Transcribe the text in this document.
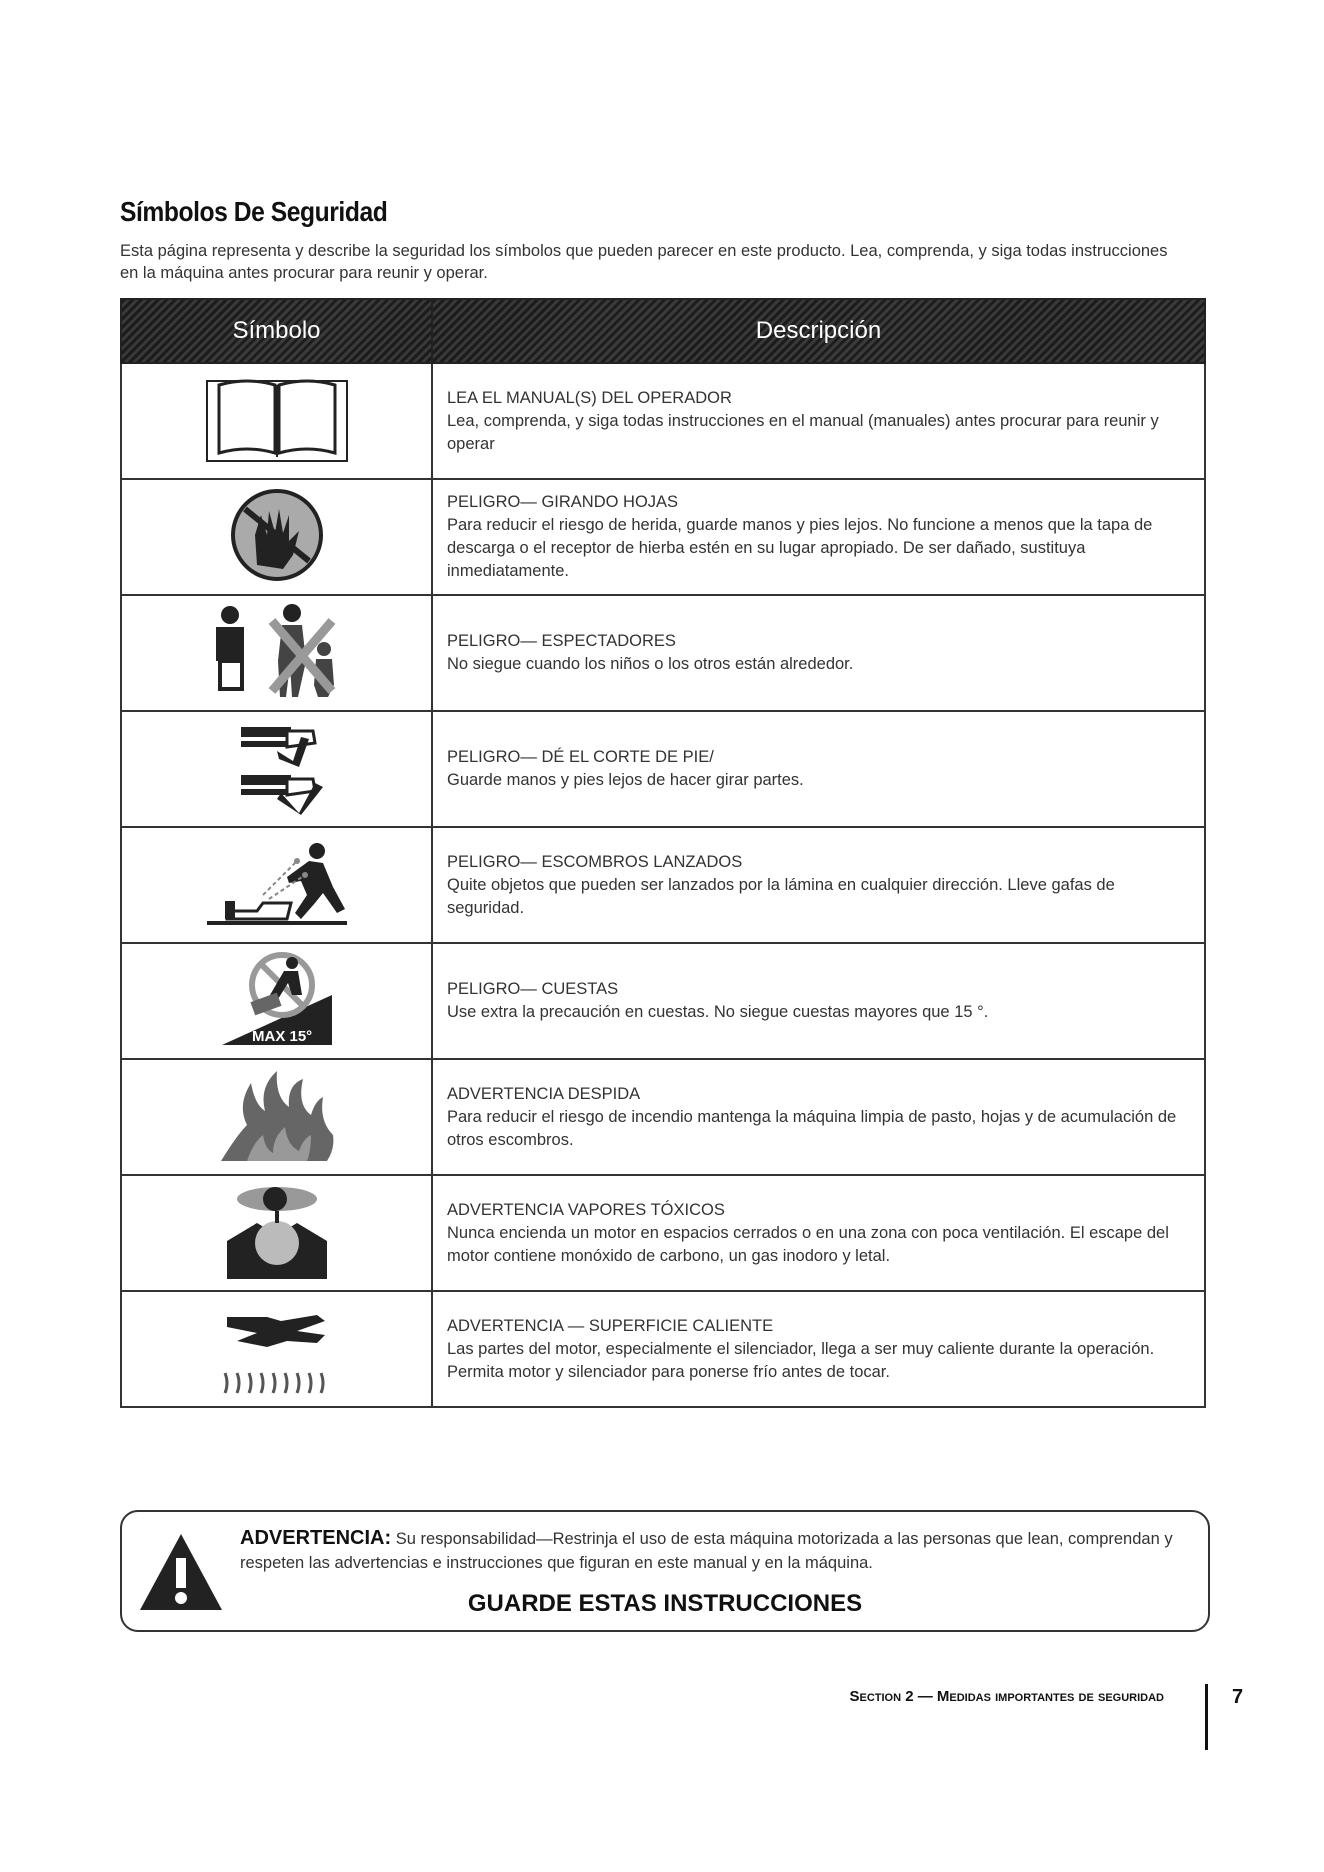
Símbolos De Seguridad
Esta página representa y describe la seguridad los símbolos que pueden parecer en este producto. Lea, comprenda, y siga todas instrucciones en la máquina antes procurar para reunir y operar.
Símbolo	Descripción

LEA EL MANUAL(S) DEL OPERADOR
Lea, comprenda, y siga todas instrucciones en el manual (manuales) antes procurar para reunir y operar

PELIGRO— GIRANDO HOJAS
Para reducir el riesgo de herida, guarde manos y pies lejos. No funcione a menos que la tapa de descarga o el receptor de hierba estén en su lugar apropiado. De ser dañado, sustituya inmediatamente.

PELIGRO— ESPECTADORES
No siegue cuando los niños o los otros están alrededor.

PELIGRO— DÉ EL CORTE DE PIE/
Guarde manos y pies lejos de hacer girar partes.

PELIGRO— ESCOMBROS LANZADOS
Quite objetos que pueden ser lanzados por la lámina en cualquier dirección. Lleve gafas de seguridad.

MAX 15°	PELIGRO— CUESTAS
Use extra la precaución en cuestas. No siegue cuestas mayores que 15 °.

ADVERTENCIA DESPIDA
Para reducir el riesgo de incendio mantenga la máquina limpia de pasto, hojas y de acumulación de otros escombros.

ADVERTENCIA VAPORES TÓXICOS
Nunca encienda un motor en espacios cerrados o en una zona con poca ventilación. El escape del motor contiene monóxido de carbono, un gas inodoro y letal.

ADVERTENCIA — SUPERFICIE CALIENTE
Las partes del motor, especialmente el silenciador, llega a ser muy caliente durante la operación. Permita motor y silenciador para ponerse frío antes de tocar.
ADVERTENCIA: Su responsabilidad—Restrinja el uso de esta máquina motorizada a las personas que lean, comprendan y respeten las advertencias e instrucciones que figuran en este manual y en la máquina.
GUARDE ESTAS INSTRUCCIONES
Section 2 — Medidas importantes de seguridad	7
